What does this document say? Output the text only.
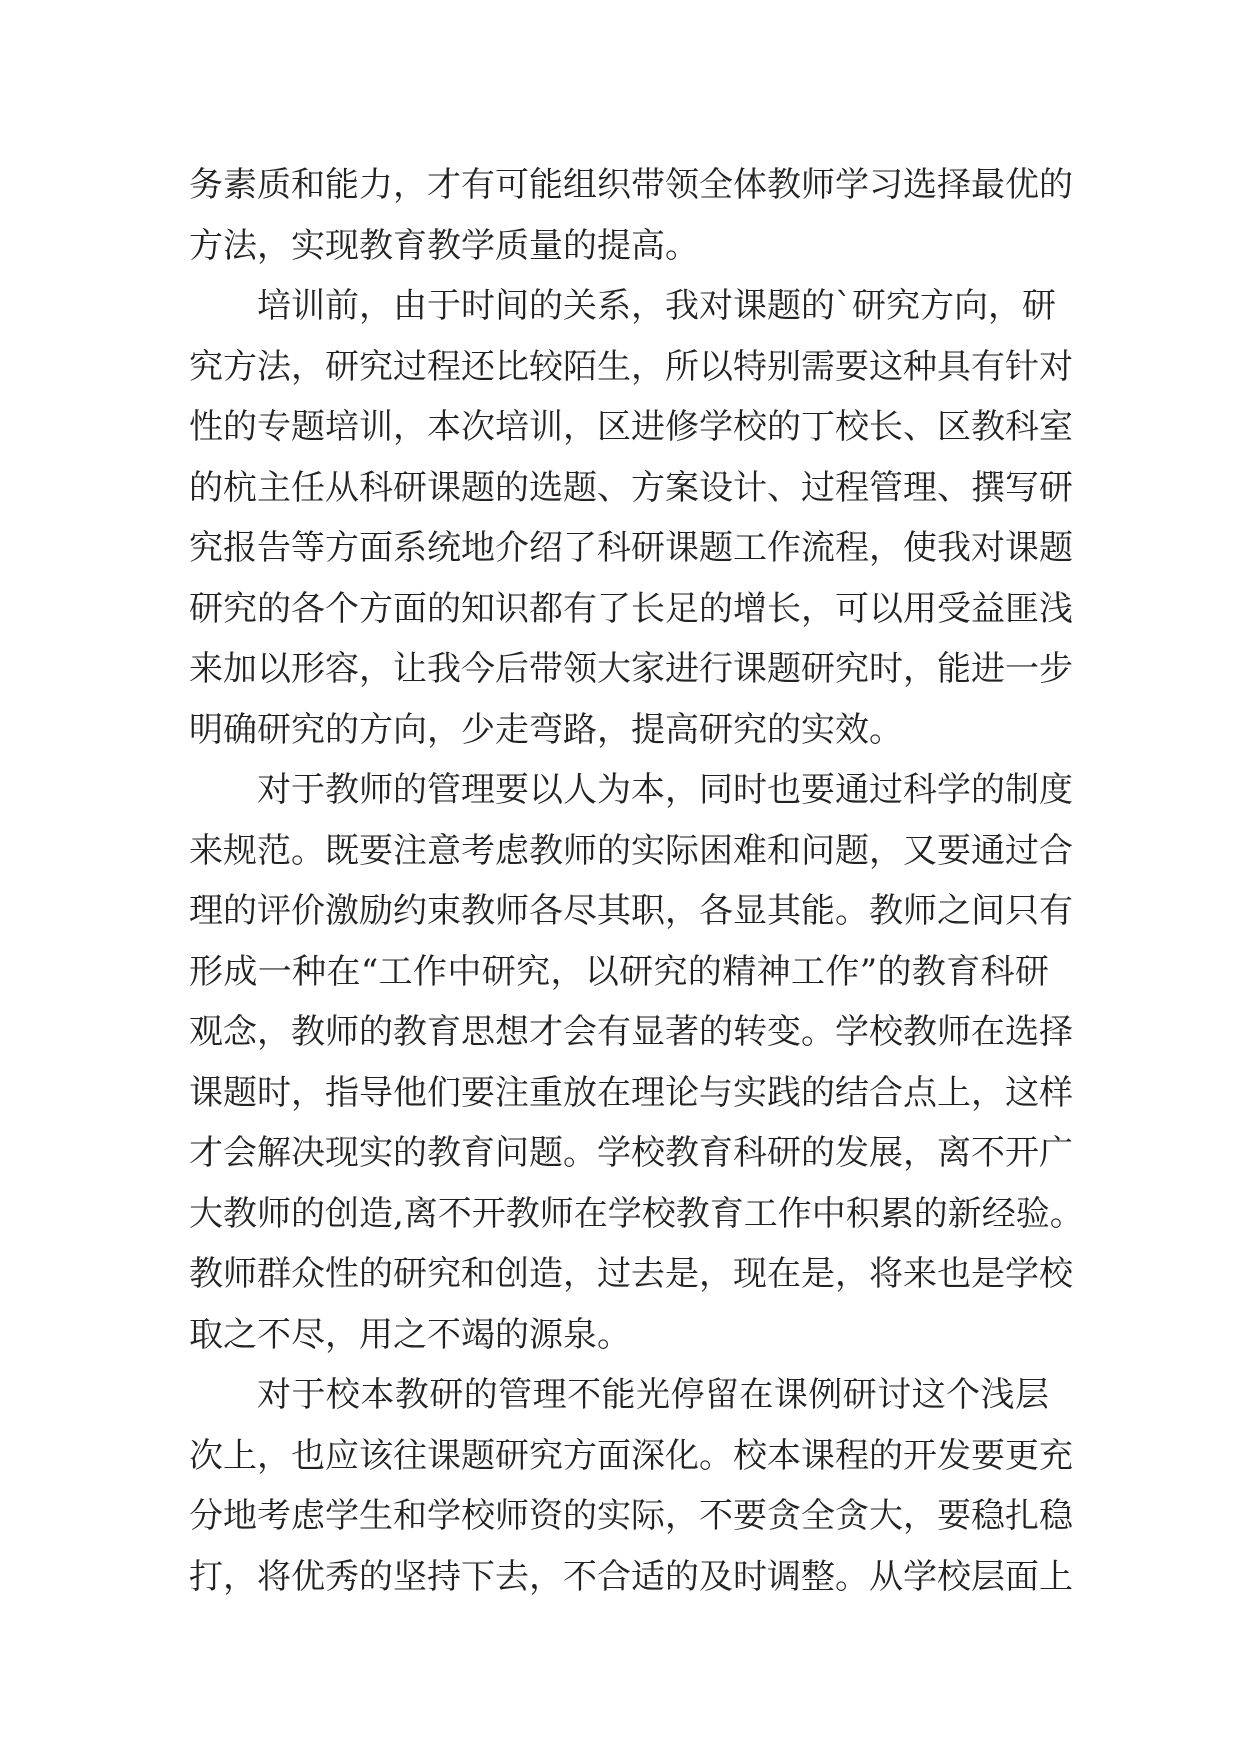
务素质和能力，才有可能组织带领全体教师学习选择最优的
方法，实现教育教学质量的提高。
培训前，由于时间的关系，我对课题的`研究方向，研
究方法，研究过程还比较陌生，所以特别需要这种具有针对
性的专题培训，本次培训，区进修学校的丁校长、区教科室
的杭主任从科研课题的选题、方案设计、过程管理、撰写研
究报告等方面系统地介绍了科研课题工作流程，使我对课题
研究的各个方面的知识都有了长足的增长，可以用受益匪浅
来加以形容，让我今后带领大家进行课题研究时，能进一步
明确研究的方向，少走弯路，提高研究的实效。
对于教师的管理要以人为本，同时也要通过科学的制度
来规范。既要注意考虑教师的实际困难和问题，又要通过合
理的评价激励约束教师各尽其职，各显其能。教师之间只有
形成一种在“工作中研究，以研究的精神工作”的教育科研
观念，教师的教育思想才会有显著的转变。学校教师在选择
课题时，指导他们要注重放在理论与实践的结合点上，这样
才会解决现实的教育问题。学校教育科研的发展，离不开广
大教师的创造,离不开教师在学校教育工作中积累的新经验。
教师群众性的研究和创造，过去是，现在是，将来也是学校
取之不尽，用之不竭的源泉。
对于校本教研的管理不能光停留在课例研讨这个浅层
次上，也应该往课题研究方面深化。校本课程的开发要更充
分地考虑学生和学校师资的实际，不要贪全贪大，要稳扎稳
打，将优秀的坚持下去，不合适的及时调整。从学校层面上
